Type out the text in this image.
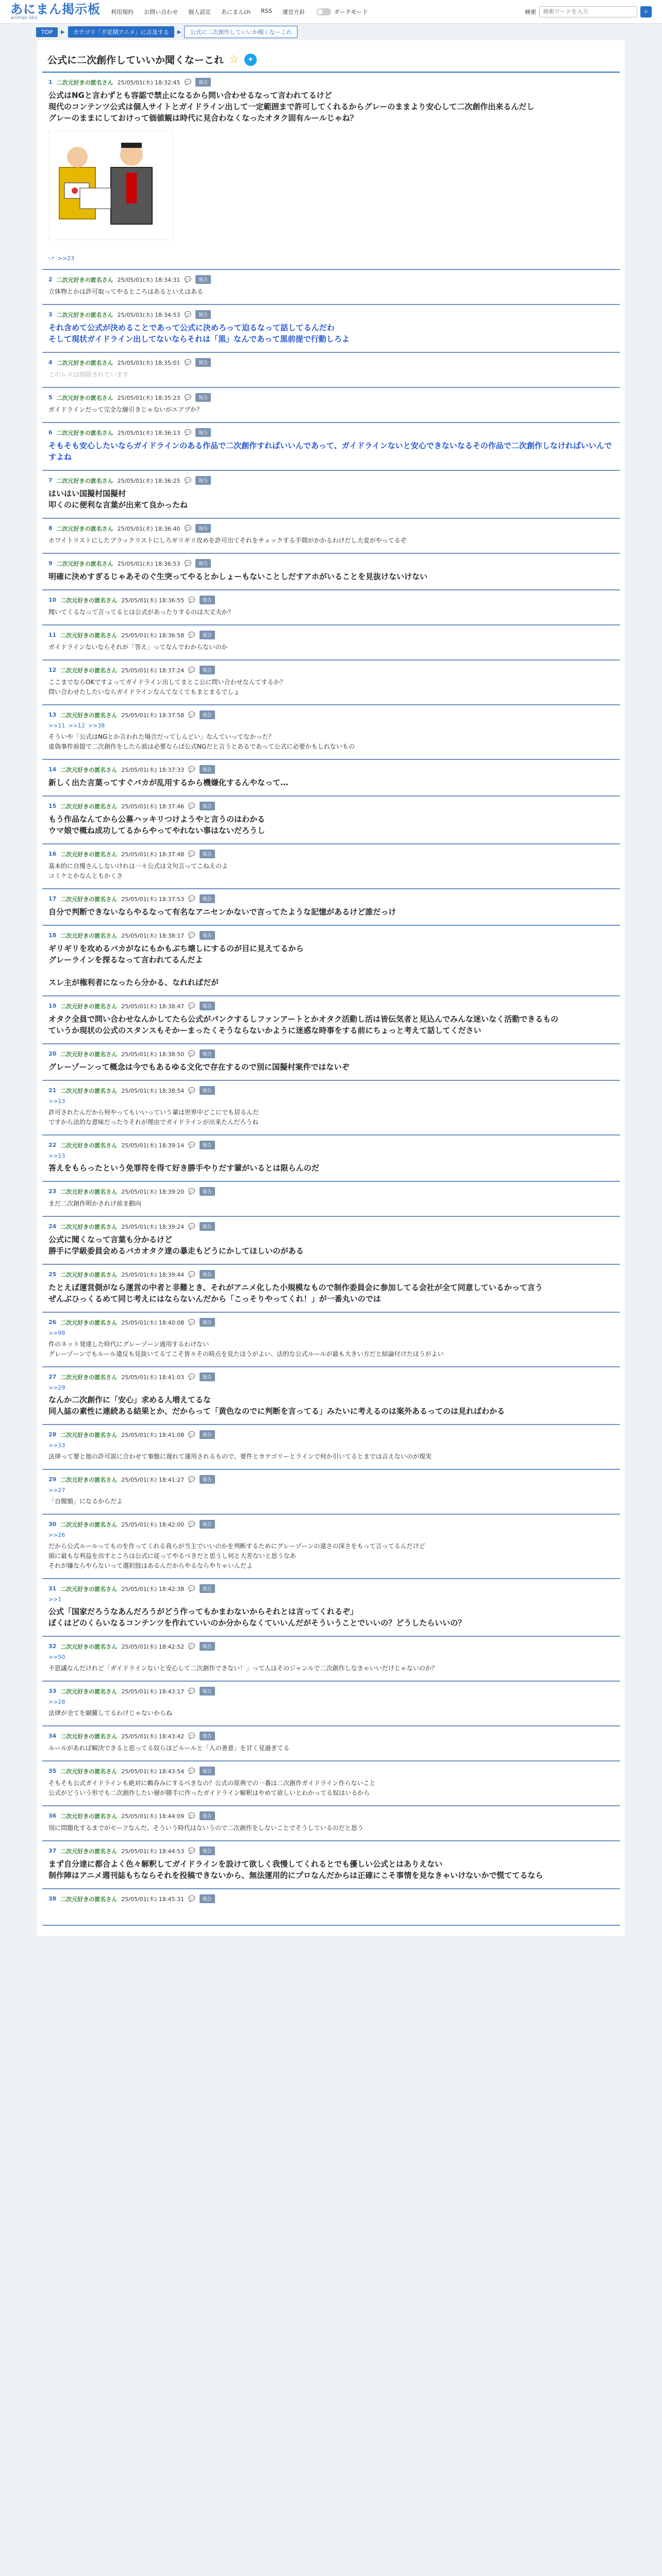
あにまん掲示板
animan bbs
利用規約 お問い合わせ 個人設定 あにまんch RSS 運営方針	ダークモード	検索
検索ワードを入力	⌕
TOP	▶	カテゴリ「不定期アニメ」に言及する	▶	公式に二次創作していいか聞くなーこれ
公式に二次創作していいか聞くなーこれ ☆	✦
1 二次元好きの匿名さん 25/05/01(木) 18:32:45 💬	報告
公式はNGと言わずとも容認で禁止になるから問い合わせるなって言われてるけど
現代のコンテンツ公式は個人サイトとガイドライン出して一定範囲まで許可してくれるからグレーのままより安心して二次創作出来るんだし
グレーのままにしておけって価値観は時代に見合わなくなったオタク固有ルールじゃね？
⤻ >>23
2 二次元好きの匿名さん 25/05/01(木) 18:34:31 💬	報告
立体物とかは許可取ってやるところはあるといえはある
3 二次元好きの匿名さん 25/05/01(木) 18:34:53 💬	報告
それ含めて公式が決めることであって公式に決めろって迫るなって話してるんだわ
そして現状ガイドライン出してないならそれは「黒」なんであって黒前提で行動しろよ
4 二次元好きの匿名さん 25/05/01(木) 18:35:01 💬	報告
このレスは削除されています
5 二次元好きの匿名さん 25/05/01(木) 18:35:23 💬	報告
ガイドラインだって完全な線引きじゃないがエアプか？
6 二次元好きの匿名さん 25/05/01(木) 18:36:13 💬	報告
そもそも安心したいならガイドラインのある作品で二次創作すればいいんであって、ガイドラインないと安心できないなるその作品で二次創作しなければいいんですよね
7 二次元好きの匿名さん 25/05/01(木) 18:36:25 💬	報告
はいはい国擬村国擬村
叩くのに便利な言葉が出来て良かったね
8 二次元好きの匿名さん 25/05/01(木) 18:36:40 💬	報告
ホワイトリストにしたブラックリストにしろギリギリ攻めを許可出てそれをチェックする手間がかかるわけだし大変がやってるぞ
9 二次元好きの匿名さん 25/05/01(木) 18:36:53 💬	報告
明確に決めすぎるじゃあそのぐ生突ってやるとかしょーもないことしだすアホがいることを見抜けないけない
10 二次元好きの匿名さん 25/05/01(木) 18:36:55 💬	報告
聞いてくるなって言ってるとは公式があったりするのは大丈夫か？
11 二次元好きの匿名さん 25/05/01(木) 18:36:58 💬	報告
ガイドラインないならそれが「答え」ってなんでわからないのか
12 二次元好きの匿名さん 25/05/01(木) 18:37:24 💬	報告
ここまでならOKですよってガイドライン出してまとこ公に問い合わせなんてするか？
問い合わせたしたいならガイドラインなんてなくてもまとまるでしょ
13 二次元好きの匿名さん 25/05/01(木) 18:37:58 💬	報告
>>11 >>12 >>38
そういや「公式はNGとか言われた場合だってしんどい」なんていってなかった？
虚偽事件前提で二次創作をしたら前は必要ならば公式NGだと言うとあるであって公式に必要かもしれないもの
14 二次元好きの匿名さん 25/05/01(木) 18:37:33 💬	報告
新しく出た言葉ってすぐバカが乱用するから機嫌化するんやなって…
15 二次元好きの匿名さん 25/05/01(木) 18:37:46 💬	報告
もう作品なんてから公募ハッキリつけようやと言うのはわかる
ウマ娘で概ね成功してるからやってやれない事はないだろうし
16 二次元好きの匿名さん 25/05/01(木) 18:37:48 💬	報告
基本的に自慢さんしないけれは一々公式は文句言ってこねえのよ
コミケとかなんともかくさ
17 二次元好きの匿名さん 25/05/01(木) 18:37:53 💬	報告
自分で判断できないならやるなって有名なアニセンかないで言ってたような記憶があるけど誰だっけ
18 二次元好きの匿名さん 25/05/01(木) 18:38:17 💬	報告
ギリギリを攻めるバカがなにもかもぶち壊しにするのが目に見えてるから
グレーラインを探るなって言われてるんだよ

スレ主が権利者になったら分かる、なれればだが
19 二次元好きの匿名さん 25/05/01(木) 18:38:47 💬	報告
オタク全員で問い合わせなんかしてたら公式がパンクするしファンアートとかオタク活動し活は皆伝気者と見込んでみんな迷いなく活動できるもの
ていうか現状の公式のスタンスもそかーまったくそうならないかように迷惑な時事をする前にちょっと考えて話してください
20 二次元好きの匿名さん 25/05/01(木) 18:38:50 💬	報告
グレーゾーンって概念は今でもあるゆる文化で存在するので別に国擬村案件ではないぞ
21 二次元好きの匿名さん 25/05/01(木) 18:38:54 💬	報告
>>13
許可されたんだから何やってもいいっていう輩は世界中どこにでも居るんだ
ですから法的な意味だったりそれが理由でガイドラインが出来たんだろうね
22 二次元好きの匿名さん 25/05/01(木) 18:39:14 💬	報告
>>13
答えをもらったという免罪符を得て好き勝手やりだす輩がいるとは限らんのだ
23 二次元好きの匿名さん 25/05/01(木) 18:39:20 💬	報告
まだ二次創作明かされけ前ま動向
24 二次元好きの匿名さん 25/05/01(木) 18:39:24 💬	報告
公式に聞くなって言葉も分かるけど
勝手に学級委員会めるバカオタク達の暴走もどうにかしてほしいのがある
25 二次元好きの匿名さん 25/05/01(木) 18:39:44 💬	報告
たとえば運営側がなら運営の中者と非難とき、それがアニメ化した小規模なもので制作委員会に参加してる会社が全て同意しているかって言う
ぜんぶひっくるめて同じ考えにはならないんだから「こっそりやってくれ！」が一番丸いのでは
26 二次元好きの匿名さん 25/05/01(木) 18:40:08 💬	報告
>>98
件のネット発達した時代にグレーゾーン通用するわけない
グレーゾーンでもルール違反も見抜いてるてこそ皆々その時点を見たほうがよい、法的な公式ルールが最も大きい方だと結論付けたほうがよい
27 二次元好きの匿名さん 25/05/01(木) 18:41:03 💬	報告
>>29
なんか二次創作に「安心」求める人増えてるな
同人誌の素性に連続ある結果とか、だからって「黄色なのでに判断を言ってる」みたいに考えるのは案外あるってのは見ればわかる
28 二次元好きの匿名さん 25/05/01(木) 18:41:08 💬	報告
>>33
法律って要と他の許可説に合わせて事態に遅れて運用されるもので、要件とカテゴリーとラインで何か引いてるとまでは言えないのが現実
29 二次元好きの匿名さん 25/05/01(木) 18:41:27 💬	報告
>>27
「自腹額」になるからだよ
30 二次元好きの匿名さん 25/05/01(木) 18:42:00 💬	報告
>>26
だから公式ルールってものを作ってくれる我らが当主でいいのかを判断するためにグレーゾーンの遠さの深さをもって言ってるんだけど
頭に最もな利益を出すところは公式に従ってやるべきだと思うし何と大差ないと思うなあ
それが嫌ならやらないって選択肢はあるんだからやるならやりゃいんだよ
31 二次元好きの匿名さん 25/05/01(木) 18:42:38 💬	報告
>>1
公式「国家だろうなあんだろうがどう作ってもかまわないからそれとは言ってくれるぞ」
ぼくはどのくらいなるコンテンツを作れていいのか分からなくていいんだがそういうことでいいの？どうしたらいいの？
32 二次元好きの匿名さん 25/05/01(木) 18:42:52 💬	報告
>>50
不思議なんだけれど「ガイドラインないと安心して二次創作できない！」って人はそのジャンルで二次創作しなきゃいいだけじゃないのか？
33 二次元好きの匿名さん 25/05/01(木) 18:43:17 💬	報告
>>28
法律が全てを網羅してるわけじゃないからね
34 二次元好きの匿名さん 25/05/01(木) 18:43:42 💬	報告
ルールがあれば解決できると思ってる奴らほどルールと「人の善意」を甘く見過ぎてる
35 二次元好きの匿名さん 25/05/01(木) 18:43:54 💬	報告
そもそも公式ガイドラインも絶対に鵜呑みにするべきなの？公式の原典での一番は二次創作ガイドライン作らないこと
公式がどういう形でも二次創作したい層が勝手に作ったガイドライン解釈はやめて欲しいとわかってる奴はいるから
36 二次元好きの匿名さん 25/05/01(木) 18:44:09 💬	報告
別に問題化するまでがセーフなんだ、そういう時代はないうので二次創作をしないことでそうしているのだと思う
37 二次元好きの匿名さん 25/05/01(木) 18:44:53 💬	報告
まず自分達に都合よく色々解釈してガイドラインを設けて欲しく我慢してくれるとでも優しい公式とはありえない
制作陣はアニメ週刊誌もちならそれを投稿できないから、無法運用的にプロなんだからは正確にこそ事情を見なきゃいけないかで慌ててるなら
38 二次元好きの匿名さん 25/05/01(木) 18:45:31 💬	報告
